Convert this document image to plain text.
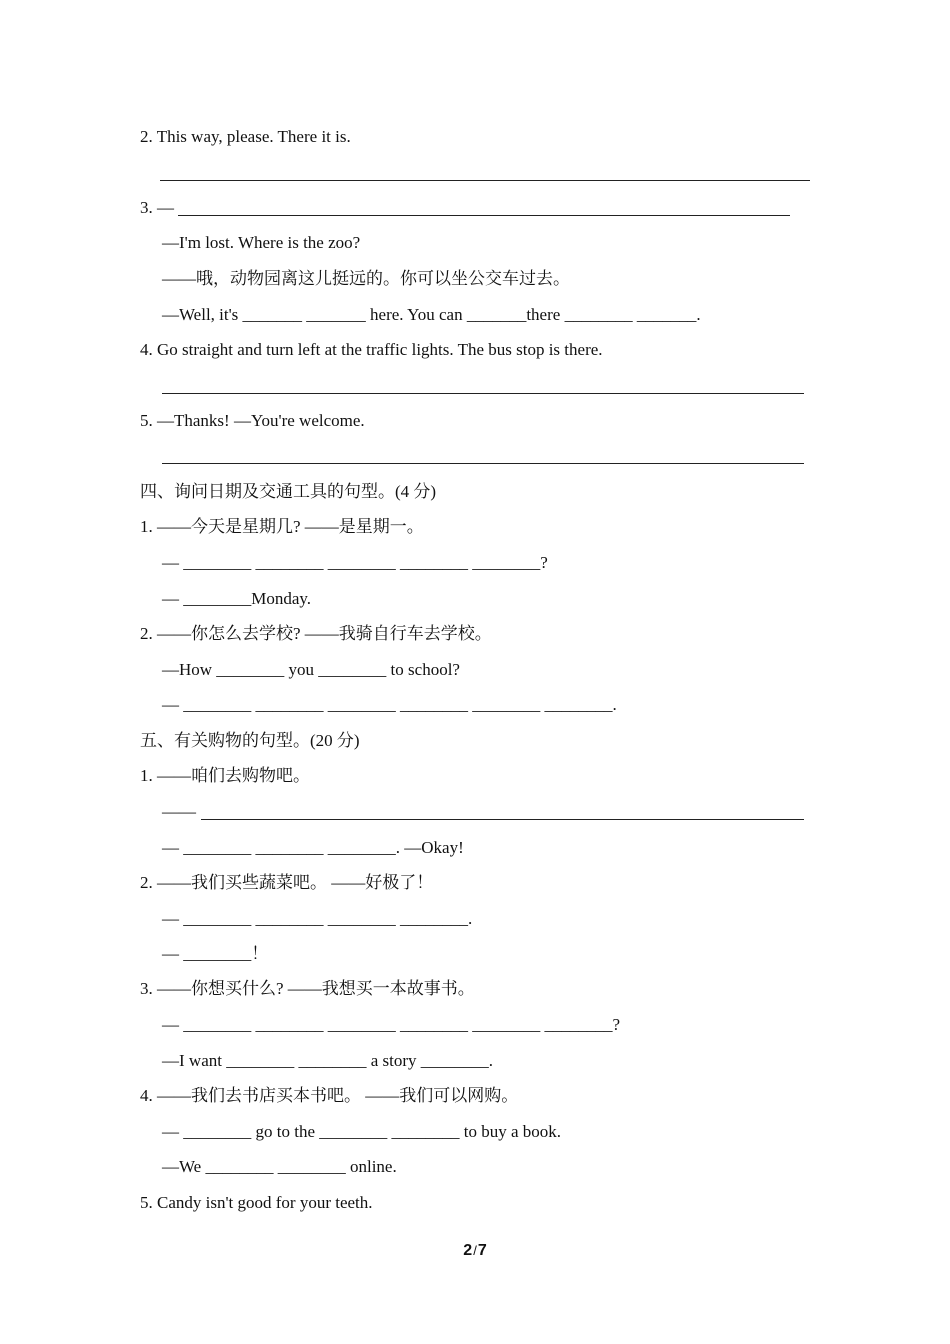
2. This way, please. There it is.
3. —
—I'm lost. Where is the zoo?
——哦，动物园离这儿挺远的。你可以坐公交车过去。
—Well, it's _______ _______ here. You can _______there ________ _______.
4. Go straight and turn left at the traffic lights. The bus stop is there.
5. —Thanks! —You're welcome.
四、询问日期及交通工具的句型。(4 分)
1. ——今天是星期几? ——是星期一。
— ________ ________ ________ ________ ________?
— ________Monday.
2. ——你怎么去学校? ——我骑自行车去学校。
—How ________ you ________ to school?
— ________ ________ ________ ________ ________ ________.
五、有关购物的句型。(20 分)
1. ——咱们去购物吧。
——
— ________ ________ ________. —Okay!
2. ——我们买些蔬菜吧。 ——好极了！
— ________ ________ ________ ________.
— ________！
3. ——你想买什么? ——我想买一本故事书。
— ________ ________ ________ ________ ________ ________?
—I want ________ ________ a story ________.
4. ——我们去书店买本书吧。 ——我们可以网购。
— ________ go to the ________ ________ to buy a book.
—We ________ ________ online.
5. Candy isn't good for your teeth.
2/7
